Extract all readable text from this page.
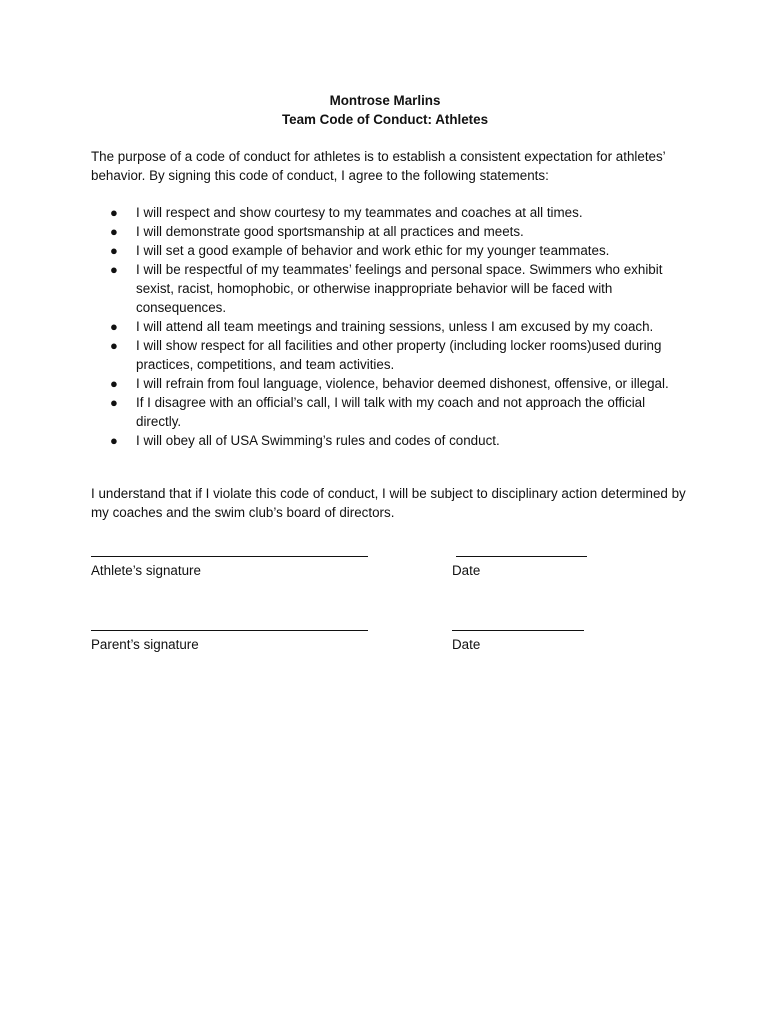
Montrose Marlins
Team Code of Conduct: Athletes

The purpose of a code of conduct for athletes is to establish a consistent expectation for athletes’ behavior. By signing this code of conduct, I agree to the following statements:

●	I will respect and show courtesy to my teammates and coaches at all times.
●	I will demonstrate good sportsmanship at all practices and meets.
●	I will set a good example of behavior and work ethic for my younger teammates.
●	I will be respectful of my teammates’ feelings and personal space. Swimmers who exhibit sexist, racist, homophobic, or otherwise inappropriate behavior will be faced with consequences.
●	I will attend all team meetings and training sessions, unless I am excused by my coach.
●	I will show respect for all facilities and other property (including locker rooms)used during practices, competitions, and team activities.
●	I will refrain from foul language, violence, behavior deemed dishonest, offensive, or illegal.
●	If I disagree with an official’s call, I will talk with my coach and not approach the official directly.
●	I will obey all of USA Swimming’s rules and codes of conduct.

I understand that if I violate this code of conduct, I will be subject to disciplinary action determined by my coaches and the swim club’s board of directors.

Athlete’s signature	Date
Parent’s signature	Date
